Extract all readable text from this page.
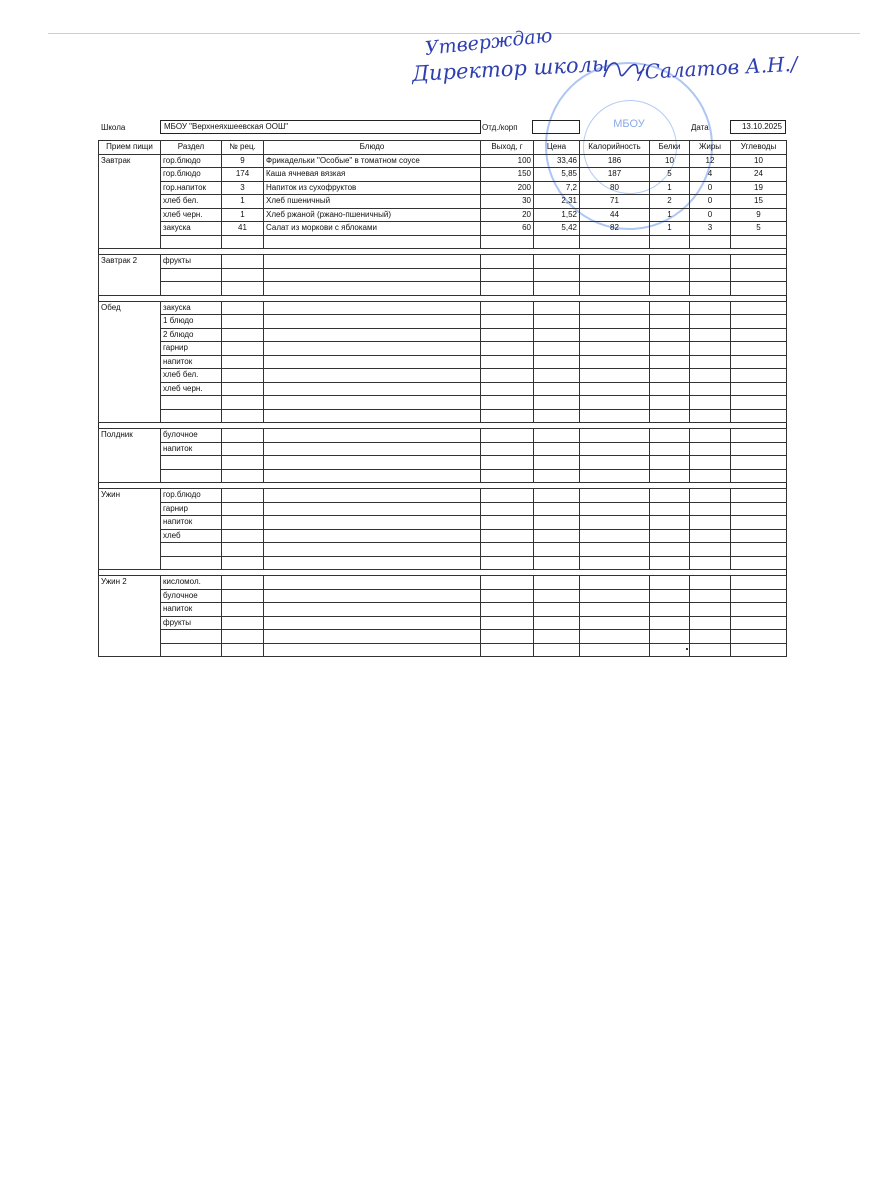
МБОУ
Утверждаю
Директор школы /Салатов А.Н./
Школа	МБОУ "Верхнеяхшеевская ООШ"	Отд./корп	Дата	13.10.2025
Прием пищи	Раздел	№ рец.	Блюдо	Выход, г	Цена	Калорийность	Белки	Жиры	Углеводы
Завтрак	гор.блюдо	9	Фрикадельки "Особые" в томатном соусе	100	33,46	186	10	12	10
	гор.блюдо	174	Каша ячневая вязкая	150	5,85	187	5	4	24
	гор.напиток	3	Напиток из сухофруктов	200	7,2	80	1	0	19
	хлеб бел.	1	Хлеб пшеничный	30	2,31	71	2	0	15
	хлеб черн.	1	Хлеб ржаной (ржано-пшеничный)	20	1,52	44	1	0	9
	закуска	41	Салат из моркови с яблоками	60	5,42	82	1	3	5

Завтрак 2	фрукты								

Обед	закуска								
	1 блюдо								
	2 блюдо								
	гарнир								
	напиток								
	хлеб бел.								
	хлеб черн.								

Полдник	булочное								
	напиток								

Ужин	гор.блюдо								
	гарнир								
	напиток								
	хлеб								

Ужин 2	кисломол.								
	булочное								
	напиток								
	фрукты								
